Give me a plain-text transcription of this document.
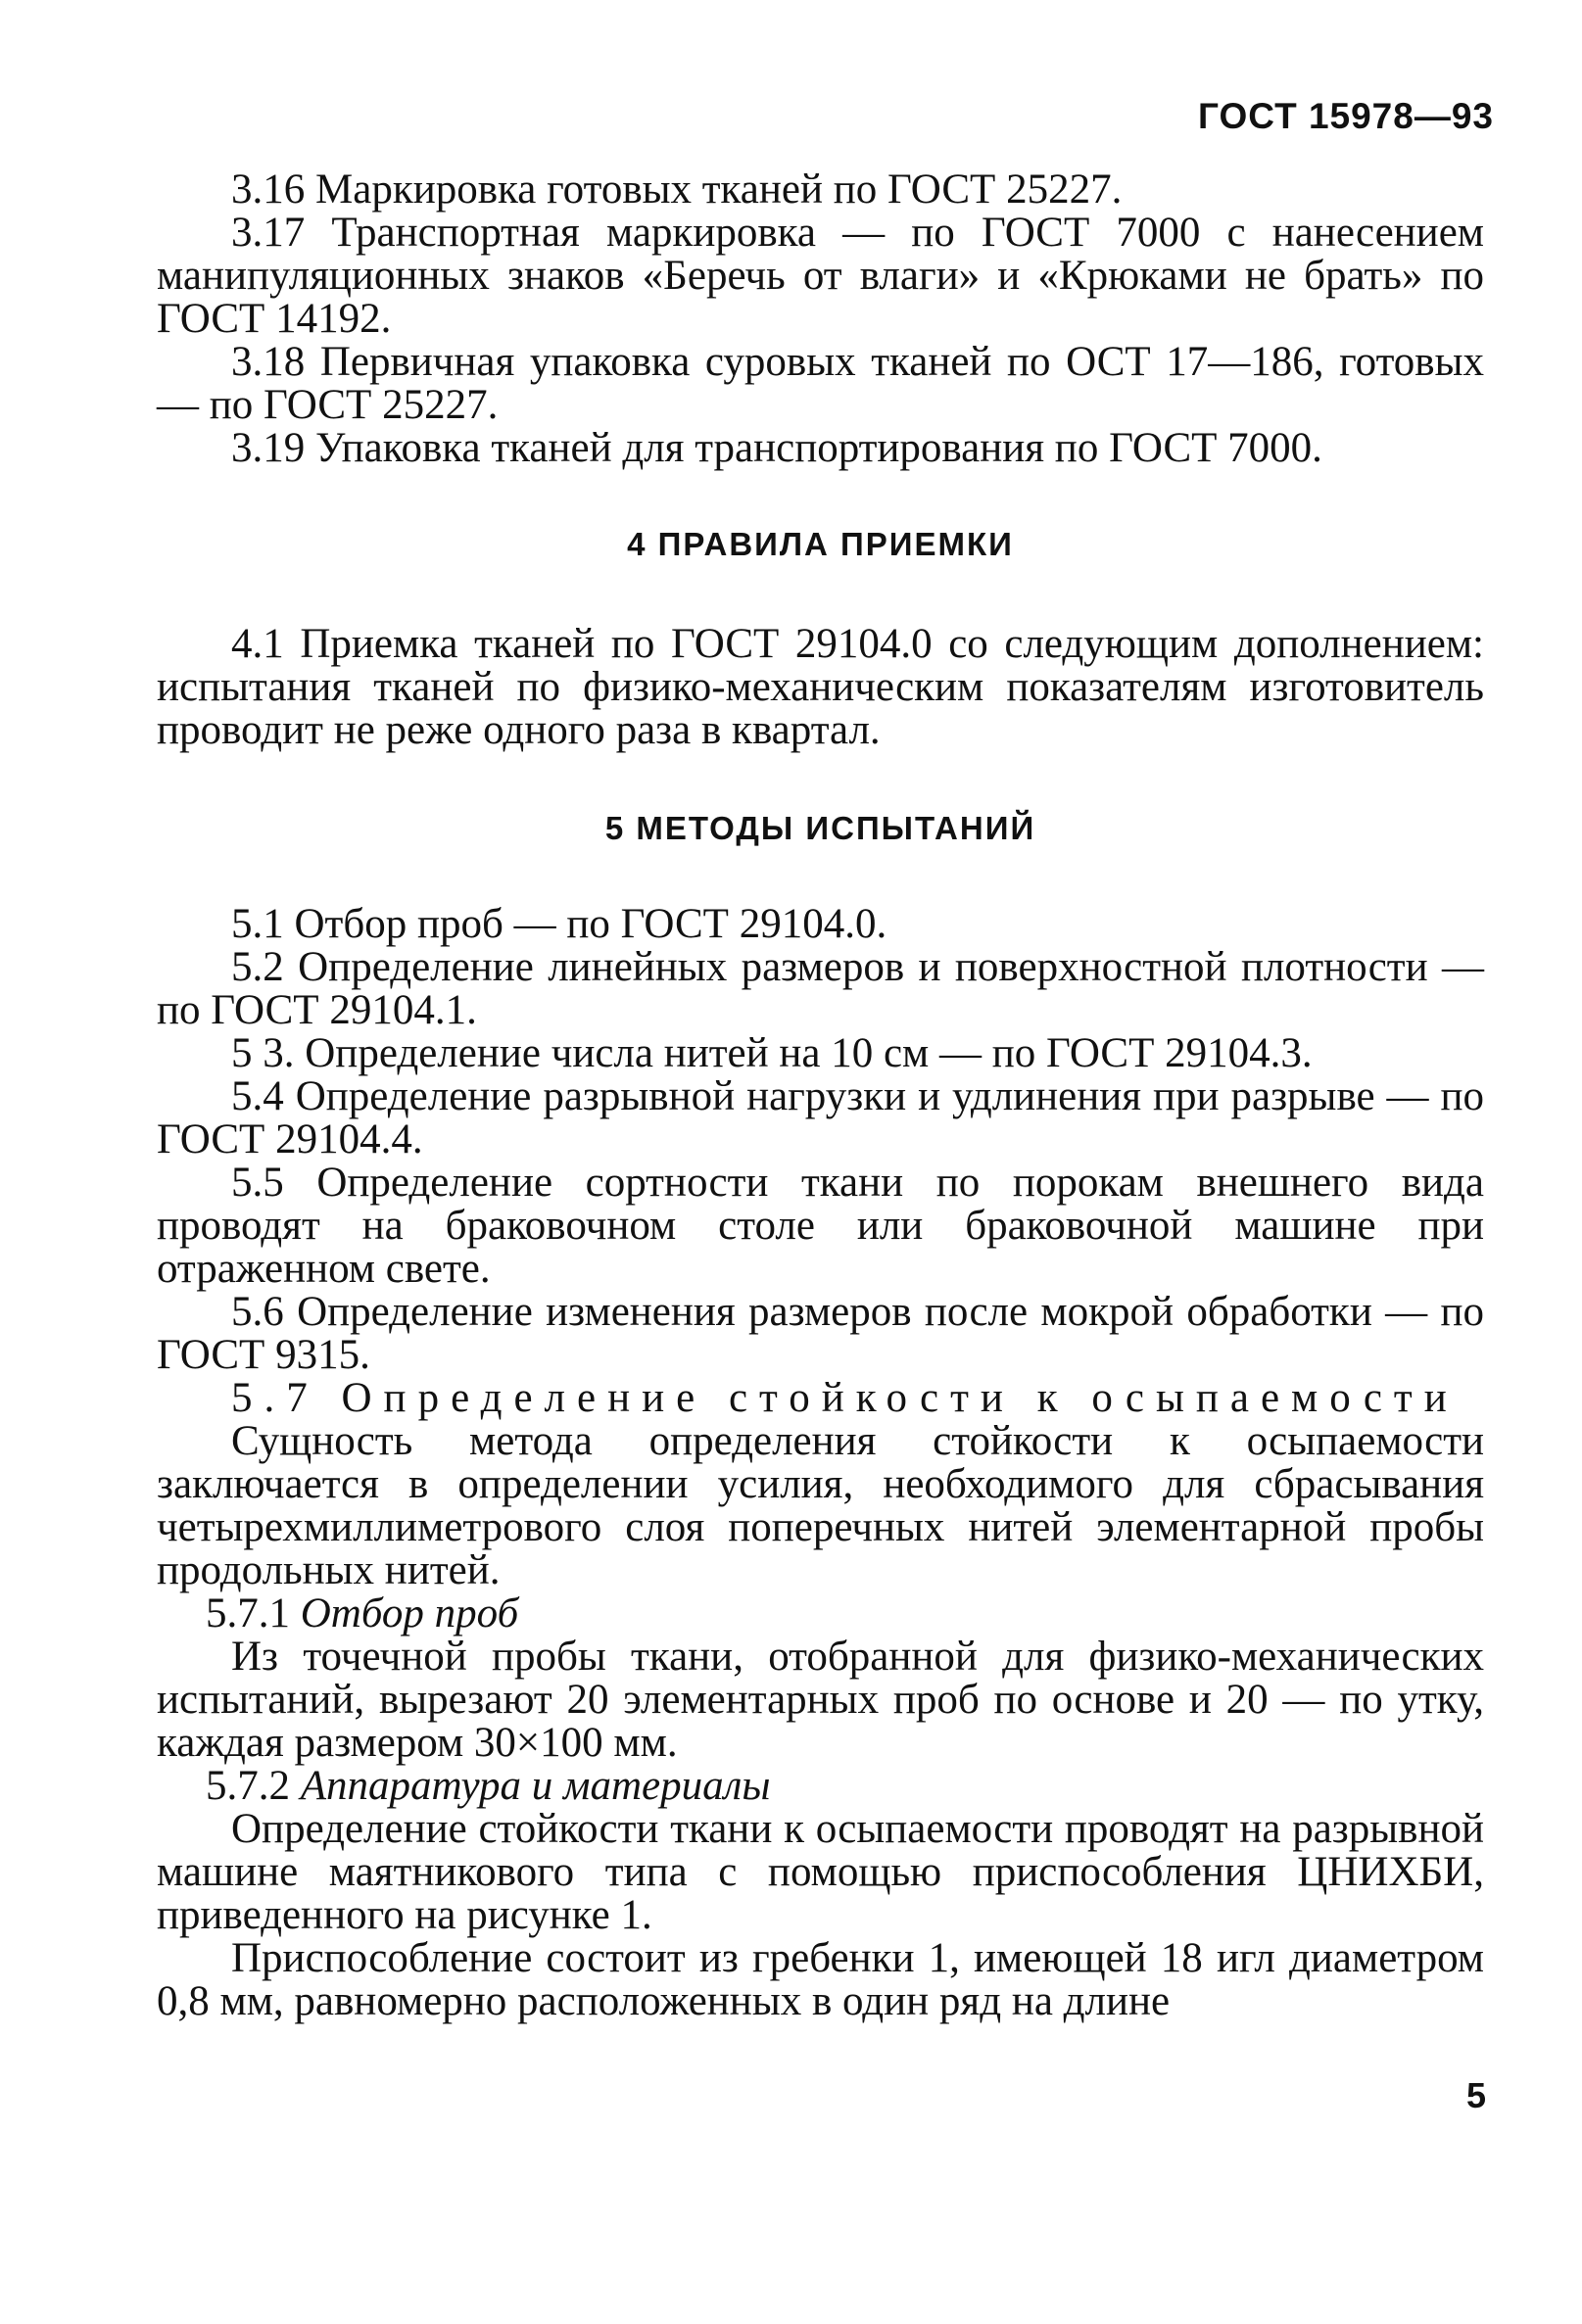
ГОСТ 15978—93

3.16 Маркировка готовых тканей по ГОСТ 25227.

3.17 Транспортная маркировка — по ГОСТ 7000 с нанесением манипуляционных знаков «Беречь от влаги» и «Крюками не брать» по ГОСТ 14192.

3.18 Первичная упаковка суровых тканей по ОСТ 17—186, готовых — по ГОСТ 25227.

3.19 Упаковка тканей для транспортирования по ГОСТ 7000.

4 ПРАВИЛА ПРИЕМКИ

4.1 Приемка тканей по ГОСТ 29104.0 со следующим дополнением: испытания тканей по физико-механическим показателям изготовитель проводит не реже одного раза в квартал.

5 МЕТОДЫ ИСПЫТАНИЙ

5.1 Отбор проб — по ГОСТ 29104.0.

5.2 Определение линейных размеров и поверхностной плотности — по ГОСТ 29104.1.

5 3. Определение числа нитей на 10 см — по ГОСТ 29104.3.

5.4 Определение разрывной нагрузки и удлинения при разрыве — по ГОСТ 29104.4.

5.5 Определение сортности ткани по порокам внешнего вида проводят на браковочном столе или браковочной машине при отраженном свете.

5.6 Определение изменения размеров после мокрой обработки — по ГОСТ 9315.

5.7 Определение стойкости к осыпаемости

Сущность метода определения стойкости к осыпаемости заключается в определении усилия, необходимого для сбрасывания четырехмиллиметрового слоя поперечных нитей элементарной пробы продольных нитей.

5.7.1 Отбор проб

Из точечной пробы ткани, отобранной для физико-механических испытаний, вырезают 20 элементарных проб по основе и 20 — по утку, каждая размером 30×100 мм.

5.7.2 Аппаратура и материалы

Определение стойкости ткани к осыпаемости проводят на разрывной машине маятникового типа с помощью приспособления ЦНИХБИ, приведенного на рисунке 1.

Приспособление состоит из гребенки 1, имеющей 18 игл диаметром 0,8 мм, равномерно расположенных в один ряд на длине

5
